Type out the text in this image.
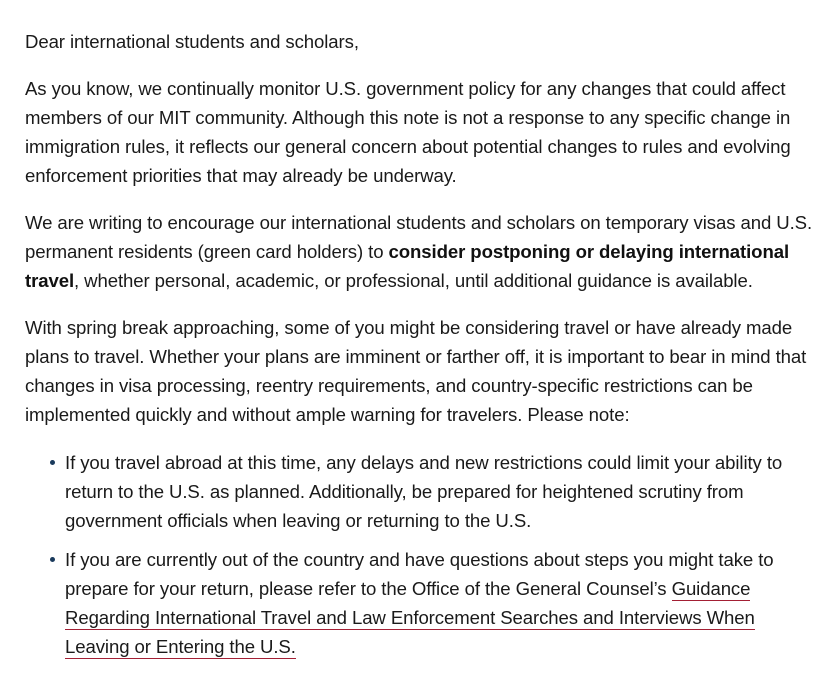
Dear international students and scholars,

As you know, we continually monitor U.S. government policy for any changes that could affect members of our MIT community. Although this note is not a response to any specific change in immigration rules, it reflects our general concern about potential changes to rules and evolving enforcement priorities that may already be underway.

We are writing to encourage our international students and scholars on temporary visas and U.S. permanent residents (green card holders) to consider postponing or delaying international travel, whether personal, academic, or professional, until additional guidance is available.

With spring break approaching, some of you might be considering travel or have already made plans to travel. Whether your plans are imminent or farther off, it is important to bear in mind that changes in visa processing, reentry requirements, and country-specific restrictions can be implemented quickly and without ample warning for travelers. Please note:

If you travel abroad at this time, any delays and new restrictions could limit your ability to return to the U.S. as planned. Additionally, be prepared for heightened scrutiny from government officials when leaving or returning to the U.S.
If you are currently out of the country and have questions about steps you might take to prepare for your return, please refer to the Office of the General Counsel’s Guidance Regarding International Travel and Law Enforcement Searches and Interviews When Leaving or Entering the U.S.
